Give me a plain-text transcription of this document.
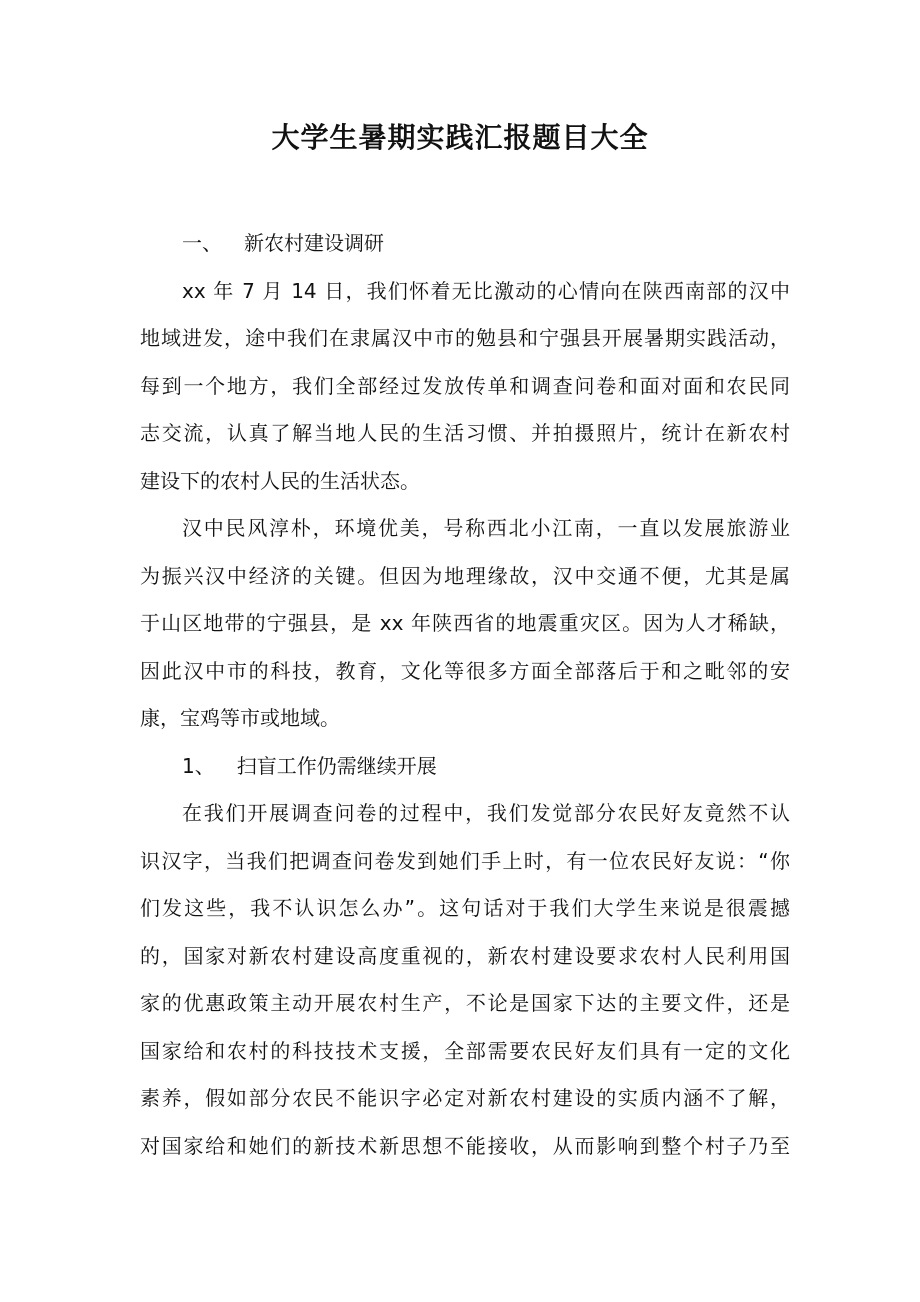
大学生暑期实践汇报题目大全
一、 新农村建设调研
xx 年 7 月 14 日，我们怀着无比激动的心情向在陕西南部的汉中
地域进发，途中我们在隶属汉中市的勉县和宁强县开展暑期实践活动，
每到一个地方，我们全部经过发放传单和调查问卷和面对面和农民同
志交流，认真了解当地人民的生活习惯、并拍摄照片，统计在新农村
建设下的农村人民的生活状态。
汉中民风淳朴，环境优美，号称西北小江南，一直以发展旅游业
为振兴汉中经济的关键。但因为地理缘故，汉中交通不便，尤其是属
于山区地带的宁强县，是 xx 年陕西省的地震重灾区。因为人才稀缺，
因此汉中市的科技，教育，文化等很多方面全部落后于和之毗邻的安
康，宝鸡等市或地域。
1、 扫盲工作仍需继续开展
在我们开展调查问卷的过程中，我们发觉部分农民好友竟然不认
识汉字，当我们把调查问卷发到她们手上时，有一位农民好友说：“你
们发这些，我不认识怎么办”。这句话对于我们大学生来说是很震撼
的，国家对新农村建设高度重视的，新农村建设要求农村人民利用国
家的优惠政策主动开展农村生产，不论是国家下达的主要文件，还是
国家给和农村的科技技术支援，全部需要农民好友们具有一定的文化
素养，假如部分农民不能识字必定对新农村建设的实质内涵不了解，
对国家给和她们的新技术新思想不能接收，从而影响到整个村子乃至
